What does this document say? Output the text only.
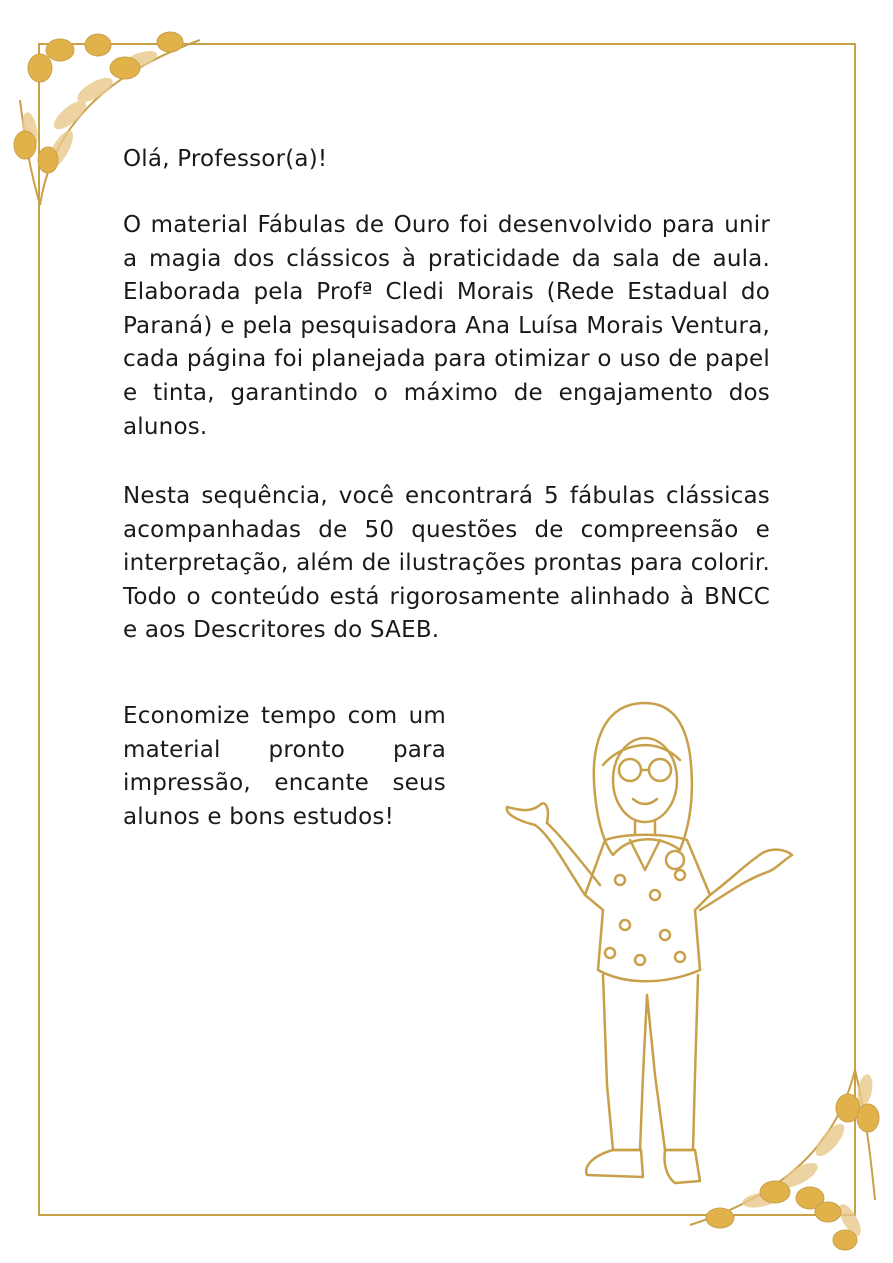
Olá, Professor(a)!
O material Fábulas de Ouro foi desenvolvido para unir a magia dos clássicos à praticidade da sala de aula. Elaborada pela Profª Cledi Morais (Rede Estadual do Paraná) e pela pesquisadora Ana Luísa Morais Ventura, cada página foi planejada para otimizar o uso de papel e tinta, garantindo o máximo de engajamento dos alunos.
Nesta sequência, você encontrará 5 fábulas clássicas acompanhadas de 50 questões de compreensão e interpretação, além de ilustrações prontas para colorir. Todo o conteúdo está rigorosamente alinhado à BNCC e aos Descritores do SAEB.
Economize tempo com um material pronto para impressão, encante seus alunos e bons estudos!
